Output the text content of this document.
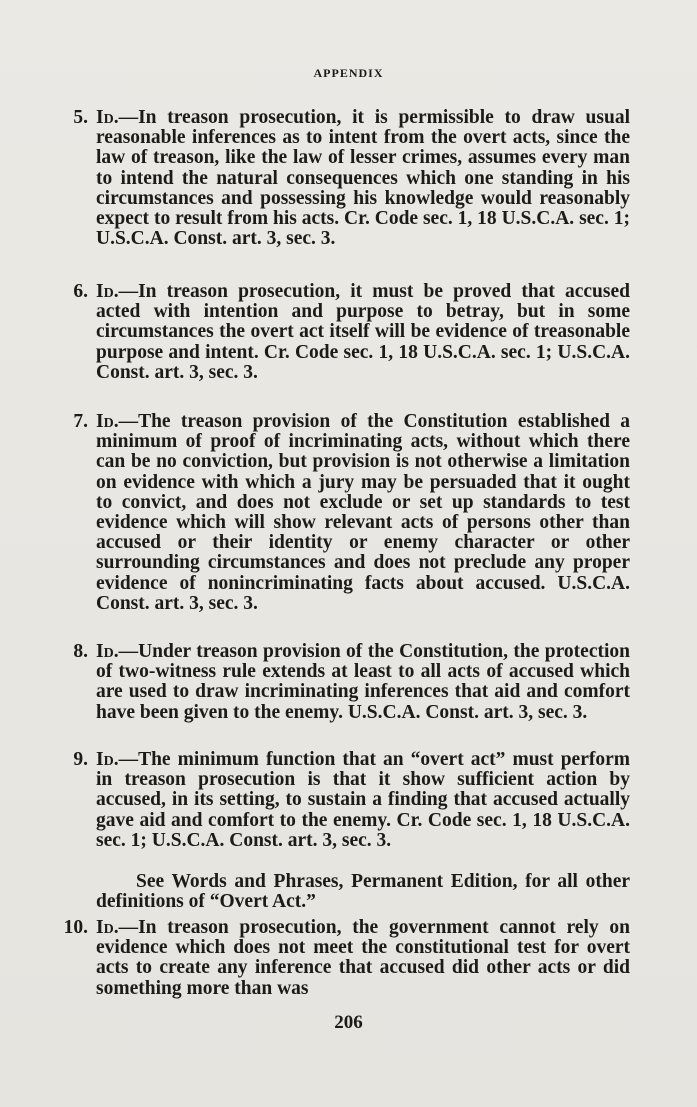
APPENDIX
5. Id.—In treason prosecution, it is permissible to draw usual reasonable inferences as to intent from the overt acts, since the law of treason, like the law of lesser crimes, assumes every man to intend the natural consequences which one standing in his circumstances and possessing his knowledge would reasonably expect to result from his acts. Cr. Code sec. 1, 18 U.S.C.A. sec. 1; U.S.C.A. Const. art. 3, sec. 3.
6. Id.—In treason prosecution, it must be proved that accused acted with intention and purpose to betray, but in some circumstances the overt act itself will be evidence of treasonable purpose and intent. Cr. Code sec. 1, 18 U.S.C.A. sec. 1; U.S.C.A. Const. art. 3, sec. 3.
7. Id.—The treason provision of the Constitution established a minimum of proof of incriminating acts, without which there can be no conviction, but provision is not otherwise a limitation on evidence with which a jury may be persuaded that it ought to convict, and does not exclude or set up standards to test evidence which will show relevant acts of persons other than accused or their identity or enemy character or other surrounding circumstances and does not preclude any proper evidence of nonincriminating facts about accused. U.S.C.A. Const. art. 3, sec. 3.
8. Id.—Under treason provision of the Constitution, the protection of two-witness rule extends at least to all acts of accused which are used to draw incriminating inferences that aid and comfort have been given to the enemy. U.S.C.A. Const. art. 3, sec. 3.
9. Id.—The minimum function that an “overt act” must perform in treason prosecution is that it show sufficient action by accused, in its setting, to sustain a finding that accused actually gave aid and comfort to the enemy. Cr. Code sec. 1, 18 U.S.C.A. sec. 1; U.S.C.A. Const. art. 3, sec. 3.
See Words and Phrases, Permanent Edition, for all other definitions of “Overt Act.”
10. Id.—In treason prosecution, the government cannot rely on evidence which does not meet the constitutional test for overt acts to create any inference that accused did other acts or did something more than was
206
